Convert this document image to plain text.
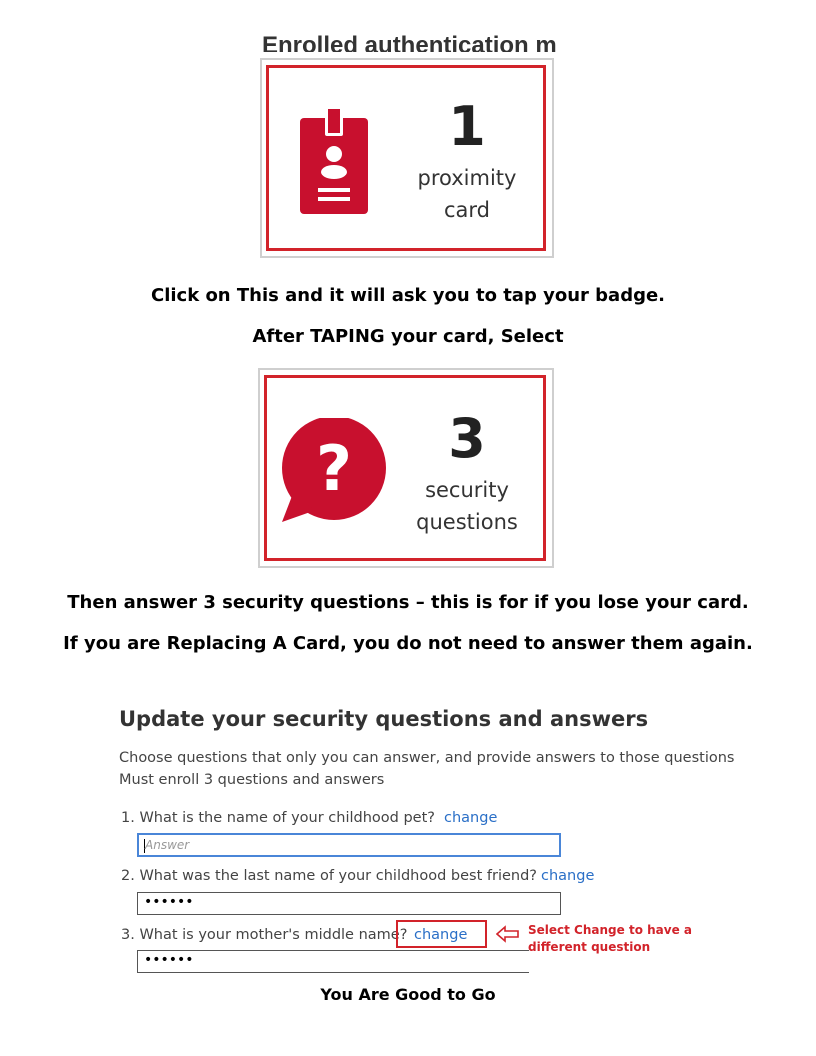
Enrolled authentication m
1
proximity
card
Click on This and it will ask you to tap your badge.
After TAPING your card, Select
?	3
security
questions
Then answer 3 security questions – this is for if you lose your card.
If you are Replacing A Card, you do not need to answer them again.
Update your security questions and answers
Choose questions that only you can answer, and provide answers to those questions
Must enroll 3 questions and answers
1. What is the name of your childhood pet? change
Answer
2. What was the last name of your childhood best friend? change
••••••
3. What is your mother's middle name? change
••••••
Select Change to have a
different question
You Are Good to Go
